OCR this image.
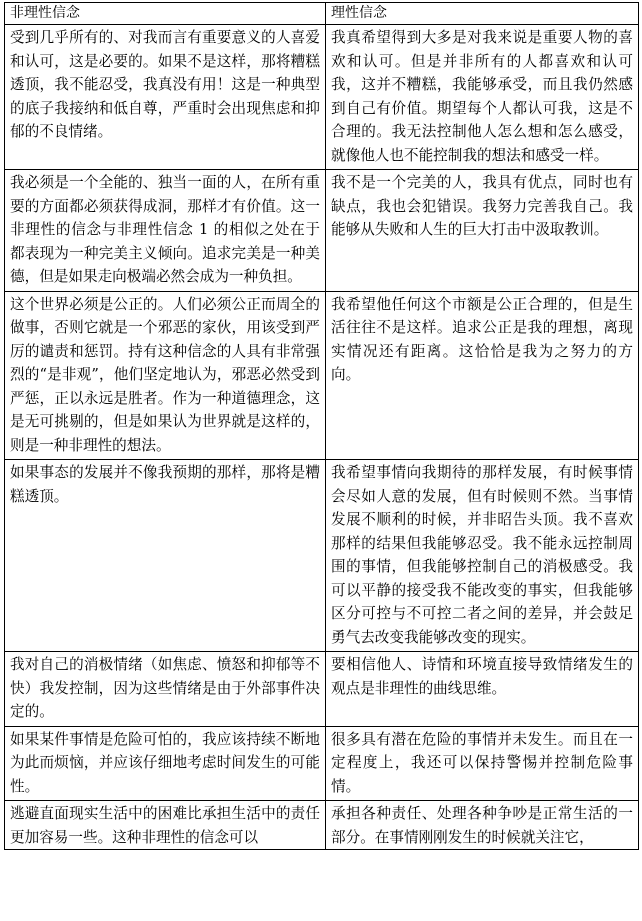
非理性信念	理性信念
受到几乎所有的、对我而言有重要意义的人喜爱和认可，这是必要的。如果不是这样，那将糟糕透顶，我不能忍受，我真没有用！这是一种典型的底子我接纳和低自尊，严重时会出现焦虑和抑郁的不良情绪。	我真希望得到大多是对我来说是重要人物的喜欢和认可。但是并非所有的人都喜欢和认可我，这并不糟糕，我能够承受，而且我仍然感到自己有价值。期望每个人都认可我，这是不合理的。我无法控制他人怎么想和怎么感受，就像他人也不能控制我的想法和感受一样。
我必须是一个全能的、独当一面的人，在所有重要的方面都必须获得成洞，那样才有价值。这一非理性的信念与非理性信念 1 的相似之处在于都表现为一种完美主义倾向。追求完美是一种美德，但是如果走向极端必然会成为一种负担。	我不是一个完美的人，我具有优点，同时也有缺点，我也会犯错误。我努力完善我自己。我能够从失败和人生的巨大打击中汲取教训。
这个世界必须是公正的。人们必须公正而周全的做事，否则它就是一个邪恶的家伙，用该受到严厉的谴责和惩罚。持有这种信念的人具有非常强烈的“是非观”，他们坚定地认为，邪恶必然受到严惩，正以永远是胜者。作为一种道德理念，这是无可挑剔的，但是如果认为世界就是这样的，则是一种非理性的想法。	我希望他任何这个市额是公正合理的，但是生活往往不是这样。追求公正是我的理想，离现实情况还有距离。这恰恰是我为之努力的方向。
如果事态的发展并不像我预期的那样，那将是糟糕透顶。	我希望事情向我期待的那样发展，有时候事情会尽如人意的发展，但有时候则不然。当事情发展不顺利的时候，并非昭告头顶。我不喜欢那样的结果但我能够忍受。我不能永远控制周围的事情，但我能够控制自己的消极感受。我可以平静的接受我不能改变的事实，但我能够区分可控与不可控二者之间的差异，并会鼓足勇气去改变我能够改变的现实。
我对自己的消极情绪（如焦虑、愤怒和抑郁等不快）我发控制，因为这些情绪是由于外部事件决定的。	要相信他人、诗情和环境直接导致情绪发生的观点是非理性的曲线思维。
如果某件事情是危险可怕的，我应该持续不断地为此而烦恼，并应该仔细地考虑时间发生的可能性。	很多具有潜在危险的事情并未发生。而且在一定程度上，我还可以保持警惕并控制危险事情。
逃避直面现实生活中的困难比承担生活中的责任更加容易一些。这种非理性的信念可以	承担各种责任、处理各种争吵是正常生活的一部分。在事情刚刚发生的时候就关注它，
